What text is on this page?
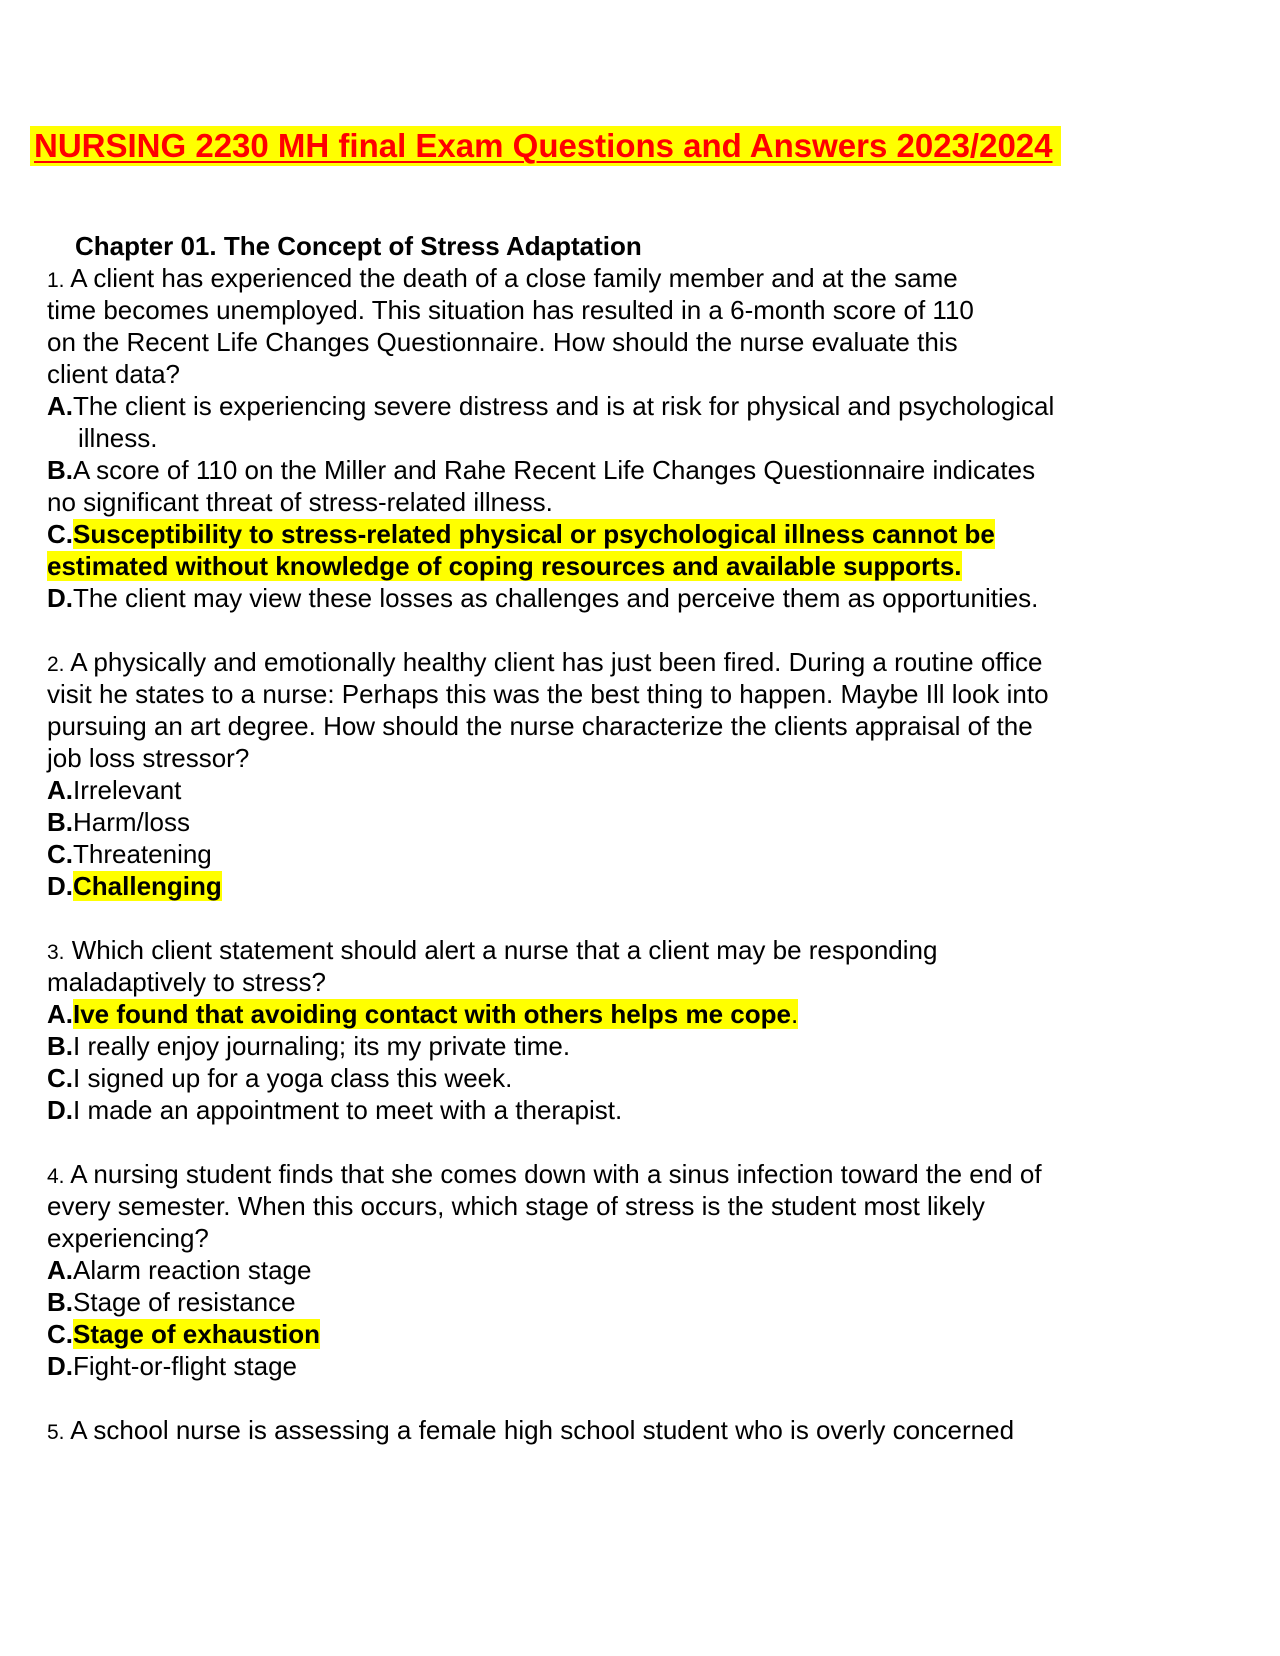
NURSING 2230 MH final Exam Questions and Answers 2023/2024
Chapter 01. The Concept of Stress Adaptation
1. A client has experienced the death of a close family member and at the same
time becomes unemployed. This situation has resulted in a 6-month score of 110
on the Recent Life Changes Questionnaire. How should the nurse evaluate this
client data?
A.The client is experiencing severe distress and is at risk for physical and psychological
illness.
B.A score of 110 on the Miller and Rahe Recent Life Changes Questionnaire indicates
no significant threat of stress-related illness.
C.Susceptibility to stress-related physical or psychological illness cannot be
estimated without knowledge of coping resources and available supports.
D.The client may view these losses as challenges and perceive them as opportunities.
2. A physically and emotionally healthy client has just been fired. During a routine office
visit he states to a nurse: Perhaps this was the best thing to happen. Maybe Ill look into
pursuing an art degree. How should the nurse characterize the clients appraisal of the
job loss stressor?
A.Irrelevant
B.Harm/loss
C.Threatening
D.Challenging
3. Which client statement should alert a nurse that a client may be responding
maladaptively to stress?
A.Ive found that avoiding contact with others helps me cope.
B.I really enjoy journaling; its my private time.
C.I signed up for a yoga class this week.
D.I made an appointment to meet with a therapist.
4. A nursing student finds that she comes down with a sinus infection toward the end of
every semester. When this occurs, which stage of stress is the student most likely
experiencing?
A.Alarm reaction stage
B.Stage of resistance
C.Stage of exhaustion
D.Fight-or-flight stage
5. A school nurse is assessing a female high school student who is overly concerned
